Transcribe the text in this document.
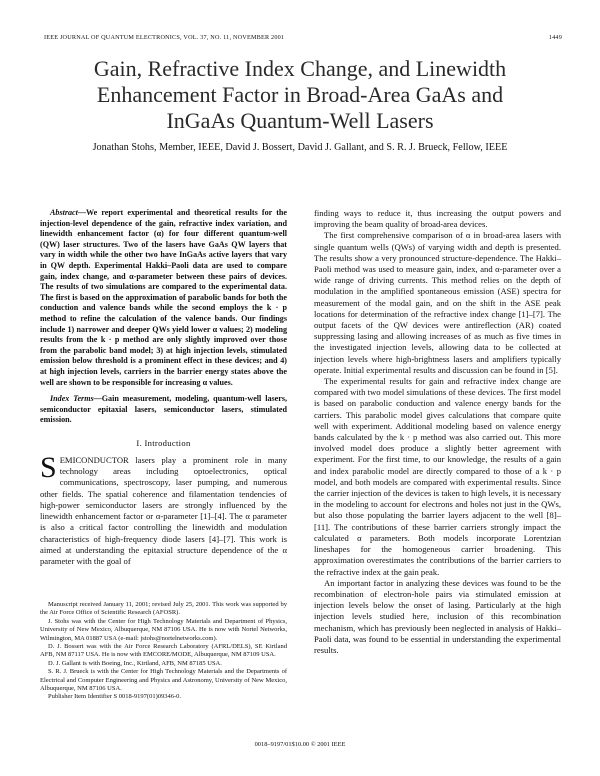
IEEE JOURNAL OF QUANTUM ELECTRONICS, VOL. 37, NO. 11, NOVEMBER 2001	1449
Gain, Refractive Index Change, and Linewidth
Enhancement Factor in Broad-Area GaAs and
InGaAs Quantum-Well Lasers
Jonathan Stohs, Member, IEEE, David J. Bossert, David J. Gallant, and S. R. J. Brueck, Fellow, IEEE

Abstract—We report experimental and theoretical results for the injection-level dependence of the gain, refractive index variation, and linewidth enhancement factor (α) for four different quantum-well (QW) laser structures. Two of the lasers have GaAs QW layers that vary in width while the other two have InGaAs active layers that vary in QW depth. Experimental Hakki–Paoli data are used to compare gain, index change, and α-parameter between these pairs of devices. The results of two simulations are compared to the experimental data. The first is based on the approximation of parabolic bands for both the conduction and valence bands while the second employs the k · p method to refine the calculation of the valence bands. Our findings include 1) narrower and deeper QWs yield lower α values; 2) modeling results from the k · p method are only slightly improved over those from the parabolic band model; 3) at high injection levels, stimulated emission below threshold is a prominent effect in these devices; and 4) at high injection levels, carriers in the barrier energy states above the well are shown to be responsible for increasing α values.

Index Terms—Gain measurement, modeling, quantum-well lasers, semiconductor epitaxial lasers, semiconductor lasers, stimulated emission.

I. Introduction

SEMICONDUCTOR lasers play a prominent role in many technology areas including optoelectronics, optical communications, spectroscopy, laser pumping, and numerous other fields. The spatial coherence and filamentation tendencies of high-power semiconductor lasers are strongly influenced by the linewidth enhancement factor or α-parameter [1]–[4]. The α parameter is also a critical factor controlling the linewidth and modulation characteristics of high-frequency diode lasers [4]–[7]. This work is aimed at understanding the epitaxial structure dependence of the α parameter with the goal of

Manuscript received January 11, 2001; revised July 25, 2001. This work was supported by the Air Force Office of Scientific Research (AFOSR).

J. Stohs was with the Center for High Technology Materials and Department of Physics, University of New Mexico, Albuquerque, NM 87106 USA. He is now with Nortel Networks, Wilmington, MA 01887 USA (e-mail: jstohs@nortelnetworks.com).

D. J. Bossert was with the Air Force Research Laboratory (AFRL/DELS), SE Kirtland AFB, NM 87117 USA. He is now with EMCORE/MODE, Albuquerque, NM 87109 USA.

D. J. Gallant is with Boeing, Inc., Kirtland, AFB, NM 87185 USA.

S. R. J. Brueck is with the Center for High Technology Materials and the Departments of Electrical and Computer Engineering and Physics and Astronomy, University of New Mexico, Albuquerque, NM 87106 USA.

Publisher Item Identifier S 0018-9197(01)09346-0.

finding ways to reduce it, thus increasing the output powers and improving the beam quality of broad-area devices.

The first comprehensive comparison of α in broad-area lasers with single quantum wells (QWs) of varying width and depth is presented. The results show a very pronounced structure-dependence. The Hakki–Paoli method was used to measure gain, index, and α-parameter over a wide range of driving currents. This method relies on the depth of modulation in the amplified spontaneous emission (ASE) spectra for measurement of the modal gain, and on the shift in the ASE peak locations for determination of the refractive index change [1]–[7]. The output facets of the QW devices were antireflection (AR) coated suppressing lasing and allowing increases of as much as five times in the investigated injection levels, allowing data to be collected at injection levels where high-brightness lasers and amplifiers typically operate. Initial experimental results and discussion can be found in [5].

The experimental results for gain and refractive index change are compared with two model simulations of these devices. The first model is based on parabolic conduction and valence energy bands for the carriers. This parabolic model gives calculations that compare quite well with experiment. Additional modeling based on valence energy bands calculated by the k · p method was also carried out. This more involved model does produce a slightly better agreement with experiment. For the first time, to our knowledge, the results of a gain and index parabolic model are directly compared to those of a k · p model, and both models are compared with experimental results. Since the carrier injection of the devices is taken to high levels, it is necessary in the modeling to account for electrons and holes not just in the QWs, but also those populating the barrier layers adjacent to the well [8]–[11]. The contributions of these barrier carriers strongly impact the calculated α parameters. Both models incorporate Lorentzian lineshapes for the homogeneous carrier broadening. This approximation overestimates the contributions of the barrier carriers to the refractive index at the gain peak.

An important factor in analyzing these devices was found to be the recombination of electron-hole pairs via stimulated emission at injection levels below the onset of lasing. Particularly at the high injection levels studied here, inclusion of this recombination mechanism, which has previously been neglected in analysis of Hakki–Paoli data, was found to be essential in understanding the experimental results.

0018–9197/01$10.00 © 2001 IEEE
